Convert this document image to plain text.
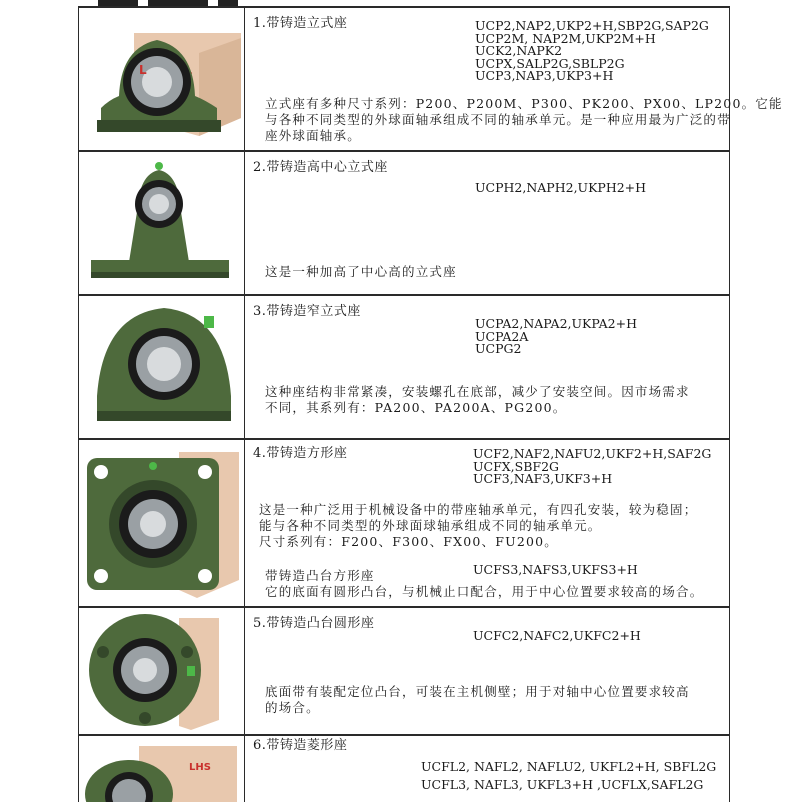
L
1.带铸造立式座	UCP2,NAP2,UKP2+H,SBP2G,SAP2G
UCP2M, NAP2M,UKP2M+H
UCK2,NAPK2
UCPX,SALP2G,SBLP2G
UCP3,NAP3,UKP3+H
立式座有多种尺寸系列：P200、P200M、P300、PK200、PX00、LP200。它能
与各种不同类型的外球面轴承组成不同的轴承单元。是一种应用最为广泛的带
座外球面轴承。
2.带铸造高中心立式座
UCPH2,NAPH2,UKPH2+H
这是一种加高了中心高的立式座
3.带铸造窄立式座
UCPA2,NAPA2,UKPA2+H
UCPA2A
UCPG2
这种座结构非常紧凑，安装螺孔在底部，减少了安装空间。因市场需求
不同，其系列有：PA200、PA200A、PG200。
4.带铸造方形座	UCF2,NAF2,NAFU2,UKF2+H,SAF2G
UCFX,SBF2G
UCF3,NAF3,UKF3+H
这是一种广泛用于机械设备中的带座轴承单元，有四孔安装，较为稳固；
能与各种不同类型的外球面球轴承组成不同的轴承单元。
尺寸系列有：F200、F300、FX00、FU200。
带铸造凸台方形座	UCFS3,NAFS3,UKFS3+H
它的底面有圆形凸台，与机械止口配合，用于中心位置要求较高的场合。
5.带铸造凸台圆形座
UCFC2,NAFC2,UKFC2+H
底面带有装配定位凸台，可装在主机侧壁；用于对轴中心位置要求较高
的场合。
LHS
6.带铸造菱形座
UCFL2, NAFL2, NAFLU2, UKFL2+H, SBFL2G
UCFL3, NAFL3, UKFL3+H ,UCFLX,SAFL2G
